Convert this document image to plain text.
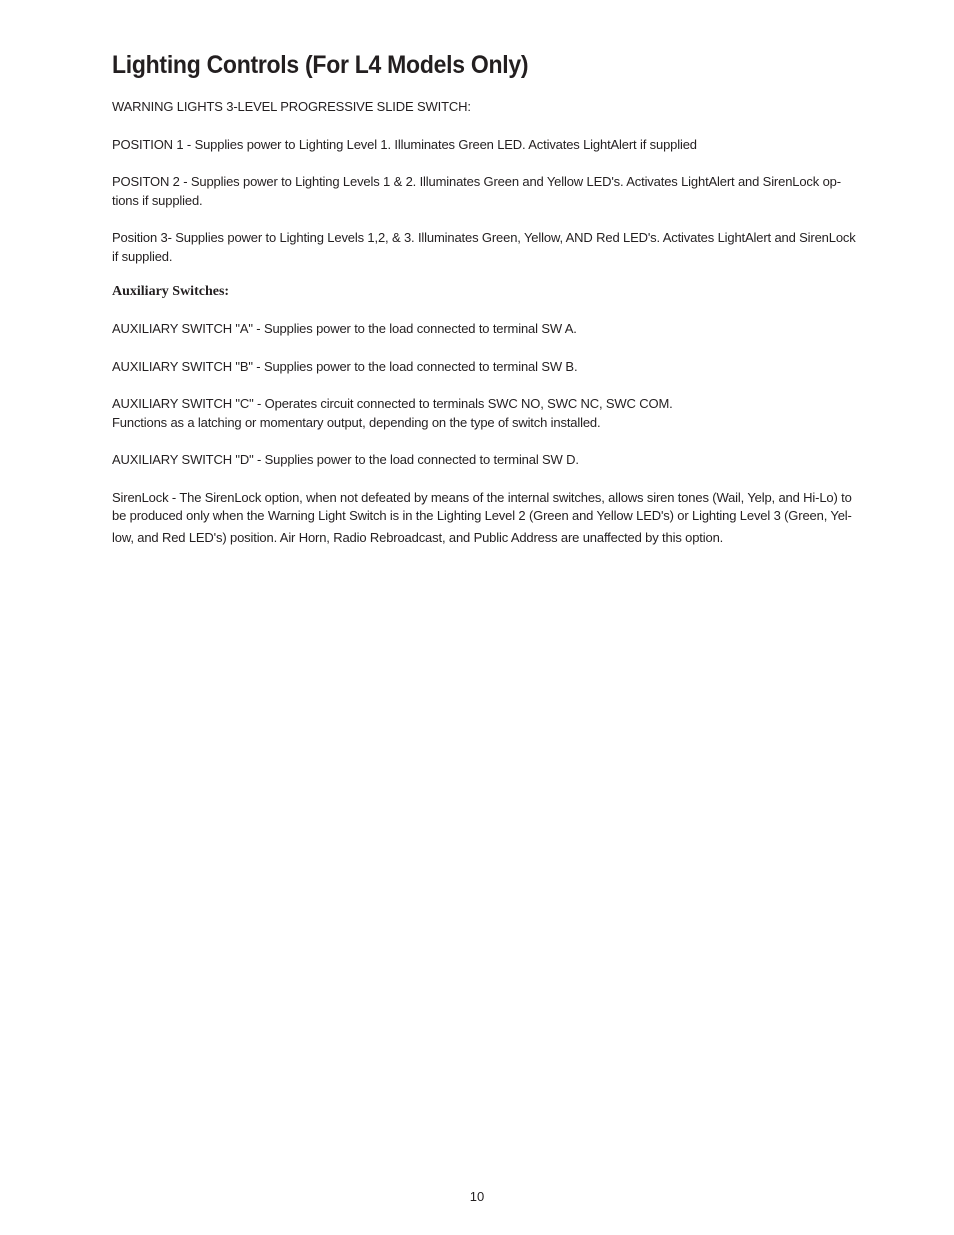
Lighting Controls (For L4 Models Only)

WARNING LIGHTS 3-LEVEL PROGRESSIVE SLIDE SWITCH:

POSITION 1 - Supplies power to Lighting Level 1. Illuminates Green LED. Activates LightAlert if supplied

POSITON 2 - Supplies power to Lighting Levels 1 & 2. Illuminates Green and Yellow LED's. Activates LightAlert and SirenLock op-
tions if supplied.

Position 3- Supplies power to Lighting Levels 1,2, & 3. Illuminates Green, Yellow, AND Red LED's. Activates LightAlert and SirenLock
if supplied.

Auxiliary Switches:

AUXILIARY SWITCH "A" - Supplies power to the load connected to terminal SW A.

AUXILIARY SWITCH "B" - Supplies power to the load connected to terminal SW B.

AUXILIARY SWITCH "C" - Operates circuit connected to terminals SWC NO, SWC NC, SWC COM.
Functions as a latching or momentary output, depending on the type of switch installed.

AUXILIARY SWITCH "D" - Supplies power to the load connected to terminal SW D.

SirenLock - The SirenLock option, when not defeated by means of the internal switches, allows siren tones (Wail, Yelp, and Hi-Lo) to
be produced only when the Warning Light Switch is in the Lighting Level 2 (Green and Yellow LED's) or Lighting Level 3 (Green, Yel-
low, and Red LED's) position. Air Horn, Radio Rebroadcast, and Public Address are unaffected by this option.

10
